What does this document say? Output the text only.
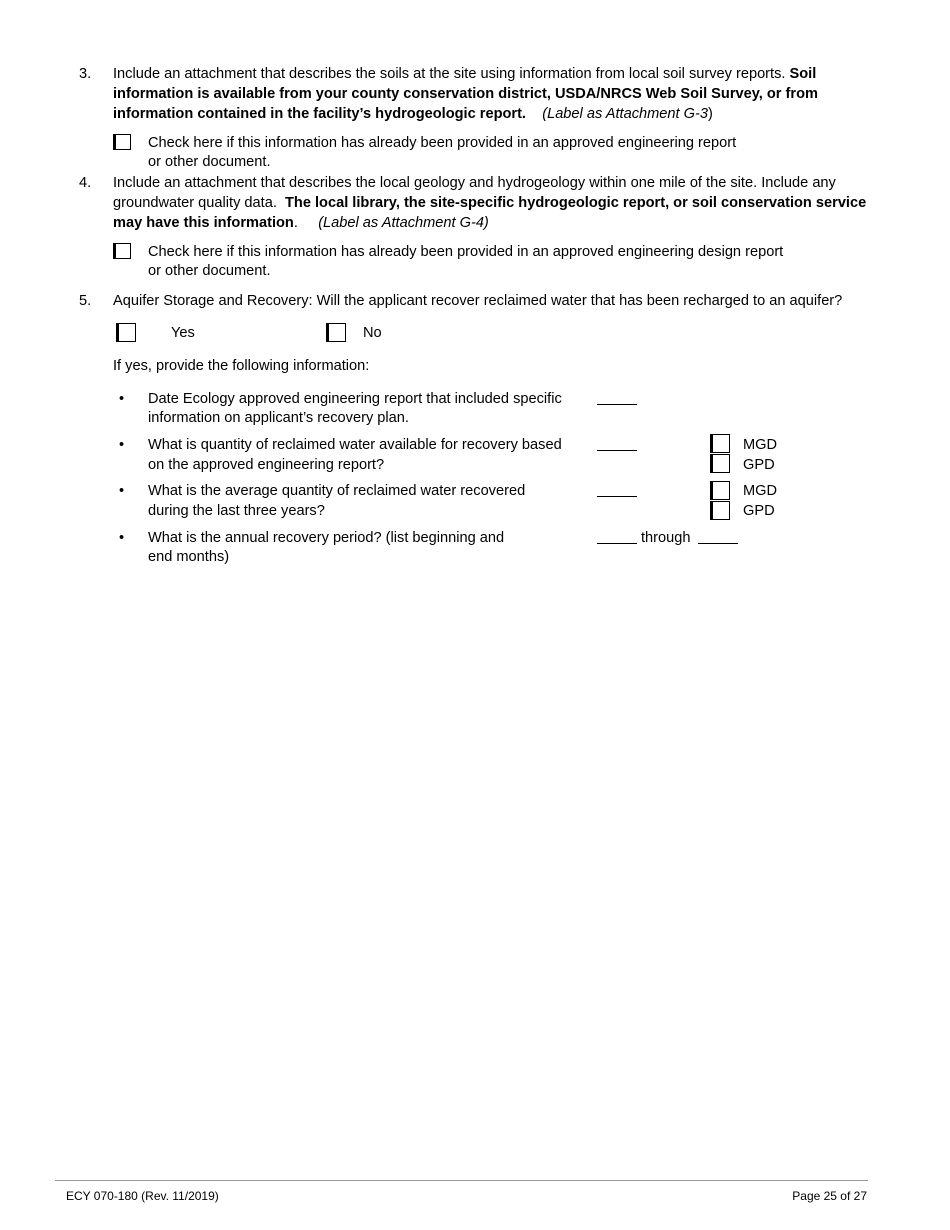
3.	Include an attachment that describes the soils at the site using information from local soil survey reports. Soil information is available from your county conservation district, USDA/NRCS Web Soil Survey, or from information contained in the facility’s hydrogeologic report. (Label as Attachment G-3)
Check here if this information has already been provided in an approved engineering report
or other document.
4.	Include an attachment that describes the local geology and hydrogeology within one mile of the site. Include any groundwater quality data. The local library, the site-specific hydrogeologic report, or soil conservation service may have this information. (Label as Attachment G-4)
Check here if this information has already been provided in an approved engineering design report
or other document.
5.	Aquifer Storage and Recovery: Will the applicant recover reclaimed water that has been recharged to an aquifer?
Yes	No
If yes, provide the following information:
•	Date Ecology approved engineering report that included specific
information on applicant’s recovery plan.
•	What is quantity of reclaimed water available for recovery based
on the approved engineering report?
MGD
GPD
•	What is the average quantity of reclaimed water recovered
during the last three years?
MGD
GPD
•	What is the annual recovery period? (list beginning and
end months)
through
ECY 070-180 (Rev. 11/2019)	Page 25 of 27
